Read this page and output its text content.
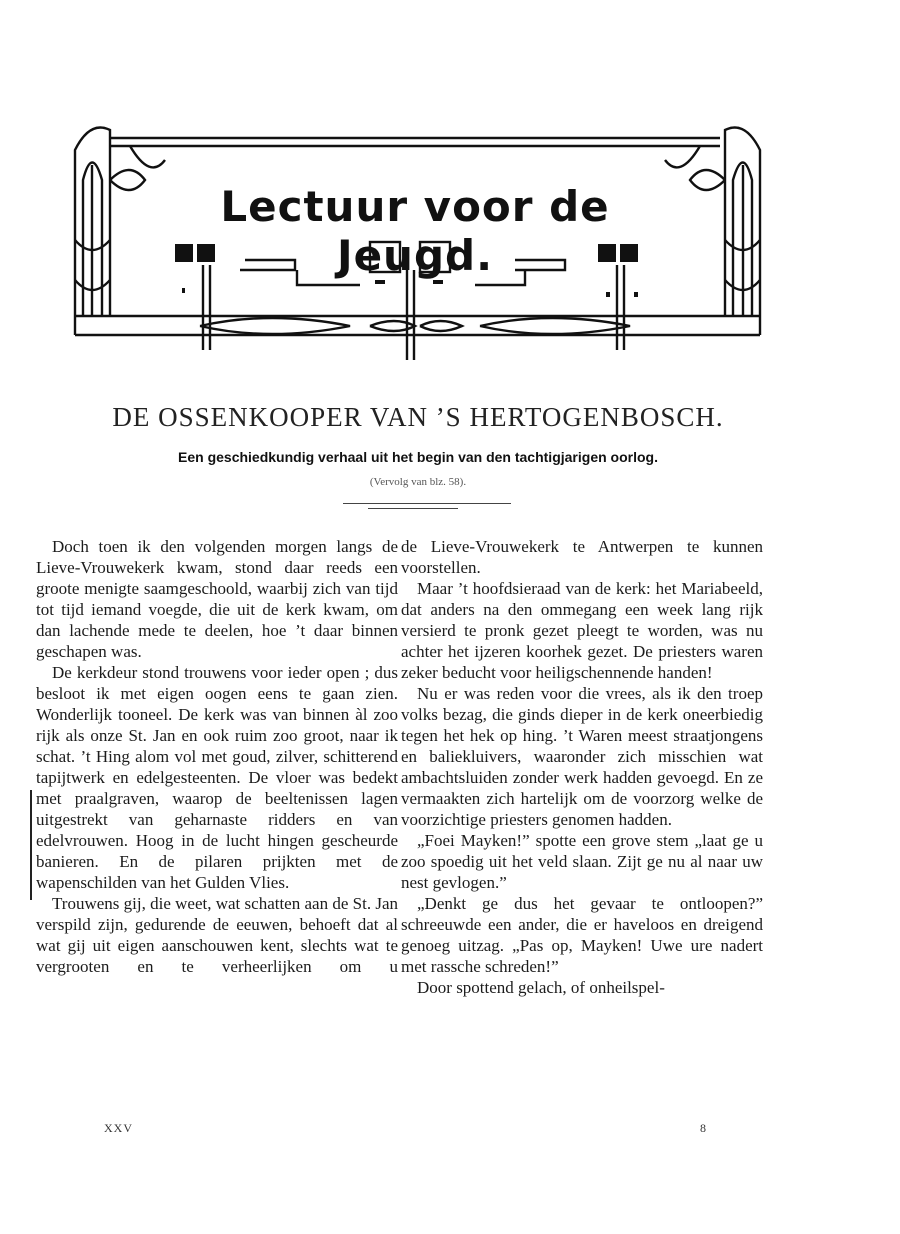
Lectuur voor de Jeugd.
DE OSSENKOOPER VAN ’S HERTOGENBOSCH.
Een geschiedkundig verhaal uit het begin van den tachtigjarigen oorlog.
(Vervolg van blz. 58).

Doch toen ik den volgenden morgen langs de Lieve-Vrouwekerk kwam, stond daar reeds een groote menigte saamgeschoold, waarbij zich van tijd tot tijd iemand voegde, die uit de kerk kwam, om dan lachende mede te deelen, hoe ’t daar binnen geschapen was.

De kerkdeur stond trouwens voor ieder open ; dus besloot ik met eigen oogen eens te gaan zien. Wonderlijk tooneel. De kerk was van binnen àl zoo rijk als onze St. Jan en ook ruim zoo groot, naar ik schat. ’t Hing alom vol met goud, zilver, schitterend tapijtwerk en edelgesteenten. De vloer was bedekt met praalgraven, waarop de beeltenissen lagen uitgestrekt van geharnaste ridders en van edelvrouwen. Hoog in de lucht hingen gescheurde banieren. En de pilaren prijkten met de wapenschilden van het Gulden Vlies.

Trouwens gij, die weet, wat schatten aan de St. Jan verspild zijn, gedurende de eeuwen, behoeft dat al wat gij uit eigen aanschouwen kent, slechts wat te vergrooten en te verheerlijken om u

de Lieve-Vrouwekerk te Antwerpen te kunnen voorstellen.

Maar ’t hoofdsieraad van de kerk: het Mariabeeld, dat anders na den ommegang een week lang rijk versierd te pronk gezet pleegt te worden, was nu achter het ijzeren koorhek gezet. De priesters waren zeker beducht voor heiligschennende handen!

Nu er was reden voor die vrees, als ik den troep volks bezag, die ginds dieper in de kerk oneerbiedig tegen het hek op hing. ’t Waren meest straatjongens en baliekluivers, waaronder zich misschien wat ambachtsluiden zonder werk hadden gevoegd. En ze vermaakten zich hartelijk om de voorzorg welke de voorzichtige priesters genomen hadden.

„Foei Mayken!” spotte een grove stem „laat ge u zoo spoedig uit het veld slaan. Zijt ge nu al naar uw nest gevlogen.”

„Denkt ge dus het gevaar te ontloopen?” schreeuwde een ander, die er haveloos en dreigend genoeg uitzag. „Pas op, Mayken! Uwe ure nadert met rassche schreden!”

Door spottend gelach, of onheilspel-

XXV	8
